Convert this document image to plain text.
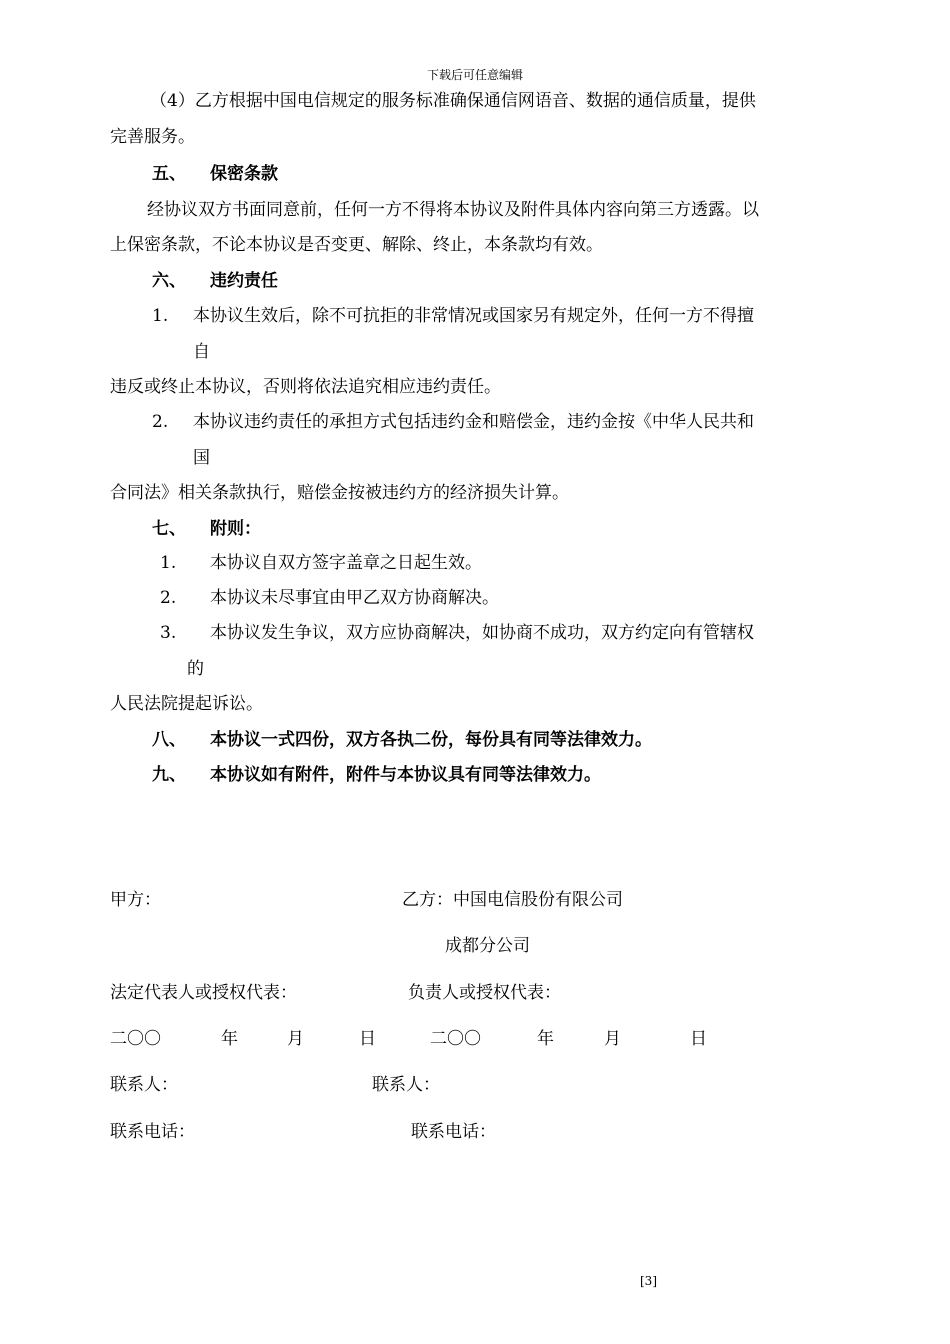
下载后可任意编辑
（4）乙方根据中国电信规定的服务标准确保通信网语音、数据的通信质量，提供
完善服务。
五、 保密条款
经协议双方书面同意前，任何一方不得将本协议及附件具体内容向第三方透露。以
上保密条款，不论本协议是否变更、解除、终止，本条款均有效。
六、 违约责任
1. 本协议生效后，除不可抗拒的非常情况或国家另有规定外，任何一方不得擅
自
违反或终止本协议，否则将依法追究相应违约责任。
2. 本协议违约责任的承担方式包括违约金和赔偿金，违约金按《中华人民共和
国
合同法》相关条款执行，赔偿金按被违约方的经济损失计算。
七、 附则：
1. 本协议自双方签字盖章之日起生效。
2. 本协议未尽事宜由甲乙双方协商解决。
3. 本协议发生争议，双方应协商解决，如协商不成功，双方约定向有管辖权
的
人民法院提起诉讼。
八、 本协议一式四份，双方各执二份，每份具有同等法律效力。
九、 本协议如有附件，附件与本协议具有同等法律效力。
甲方：	乙方：中国电信股份有限公司
成都分公司
法定代表人或授权代表：	负责人或授权代表：
二〇〇	年	月	日	二〇〇	年	月	日
联系人：	联系人：
联系电话：	联系电话：
[3]
